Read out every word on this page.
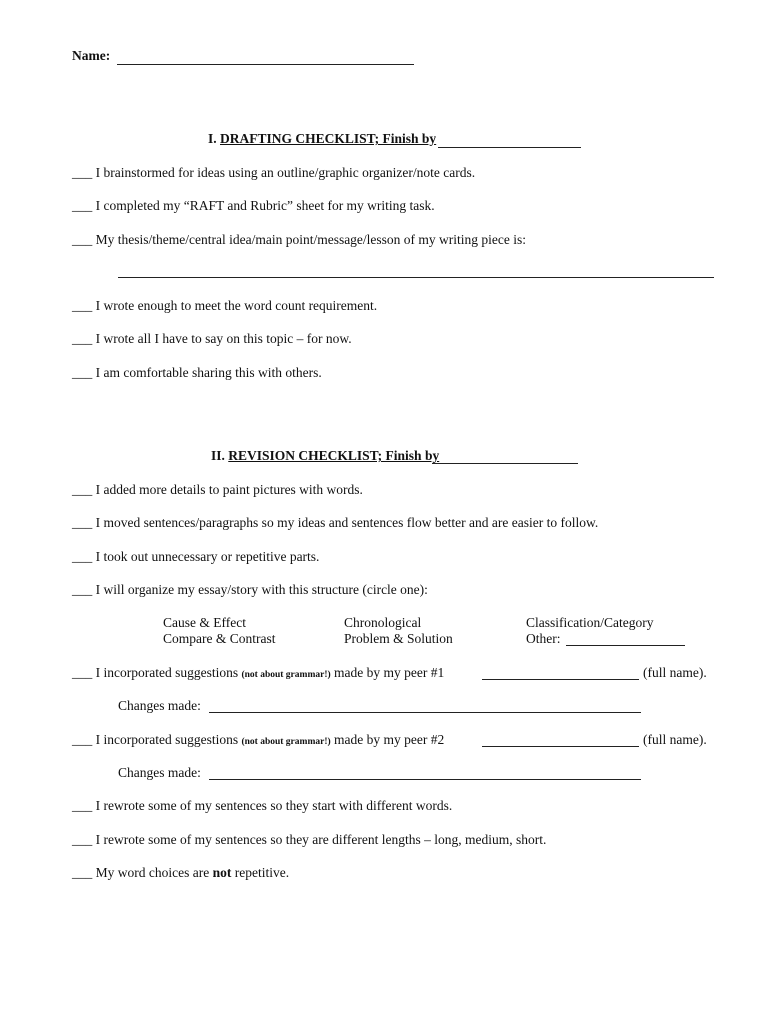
Name:
I. DRAFTING CHECKLIST; Finish by
___ I brainstormed for ideas using an outline/graphic organizer/note cards.
___ I completed my “RAFT and Rubric” sheet for my writing task.
___ My thesis/theme/central idea/main point/message/lesson of my writing piece is:
___ I wrote enough to meet the word count requirement.
___ I wrote all I have to say on this topic – for now.
___ I am comfortable sharing this with others.
II. REVISION CHECKLIST; Finish by
___ I added more details to paint pictures with words.
___ I moved sentences/paragraphs so my ideas and sentences flow better and are easier to follow.
___ I took out unnecessary or repetitive parts.
___ I will organize my essay/story with this structure (circle one):
Cause & Effect
Compare & Contrast
Chronological
Problem & Solution
Classification/Category
Other:
___ I incorporated suggestions (not about grammar!) made by my peer #1	(full name).
Changes made:
___ I incorporated suggestions (not about grammar!) made by my peer #2	(full name).
Changes made:
___ I rewrote some of my sentences so they start with different words.
___ I rewrote some of my sentences so they are different lengths – long, medium, short.
___ My word choices are not repetitive.
